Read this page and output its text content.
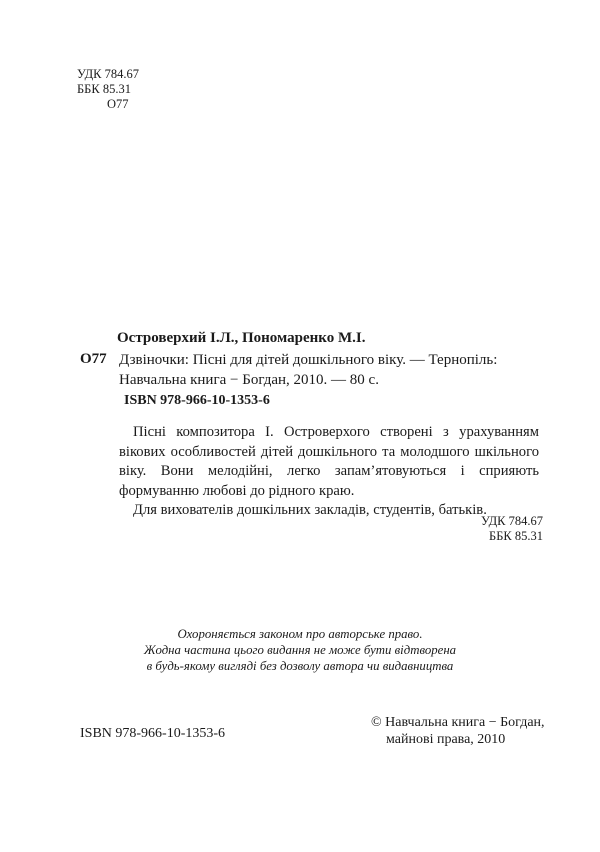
УДК 784.67
ББК 85.31
О77
Островерхий І.Л., Пономаренко М.І.
О77 Дзвіночки: Пісні для дітей дошкільного віку. — Тернопіль:
Навчальна книга − Богдан, 2010. — 80 с.
ISBN 978-966-10-1353-6

Пісні композитора І. Островерхого створені з урахуванням вікових особливостей дітей дошкільного та молодшого шкільного віку. Вони мелодійні, легко запам’ятовуються і сприяють формуванню любові до рідного краю.

Для вихователів дошкільних закладів, студентів, батьків.

УДК 784.67
ББК 85.31
Охороняється законом про авторське право.
Жодна частина цього видання не може бути відтворена
в будь-якому вигляді без дозволу автора чи видавництва
ISBN 978-966-10-1353-6
© Навчальна книга − Богдан,
майнові права, 2010
